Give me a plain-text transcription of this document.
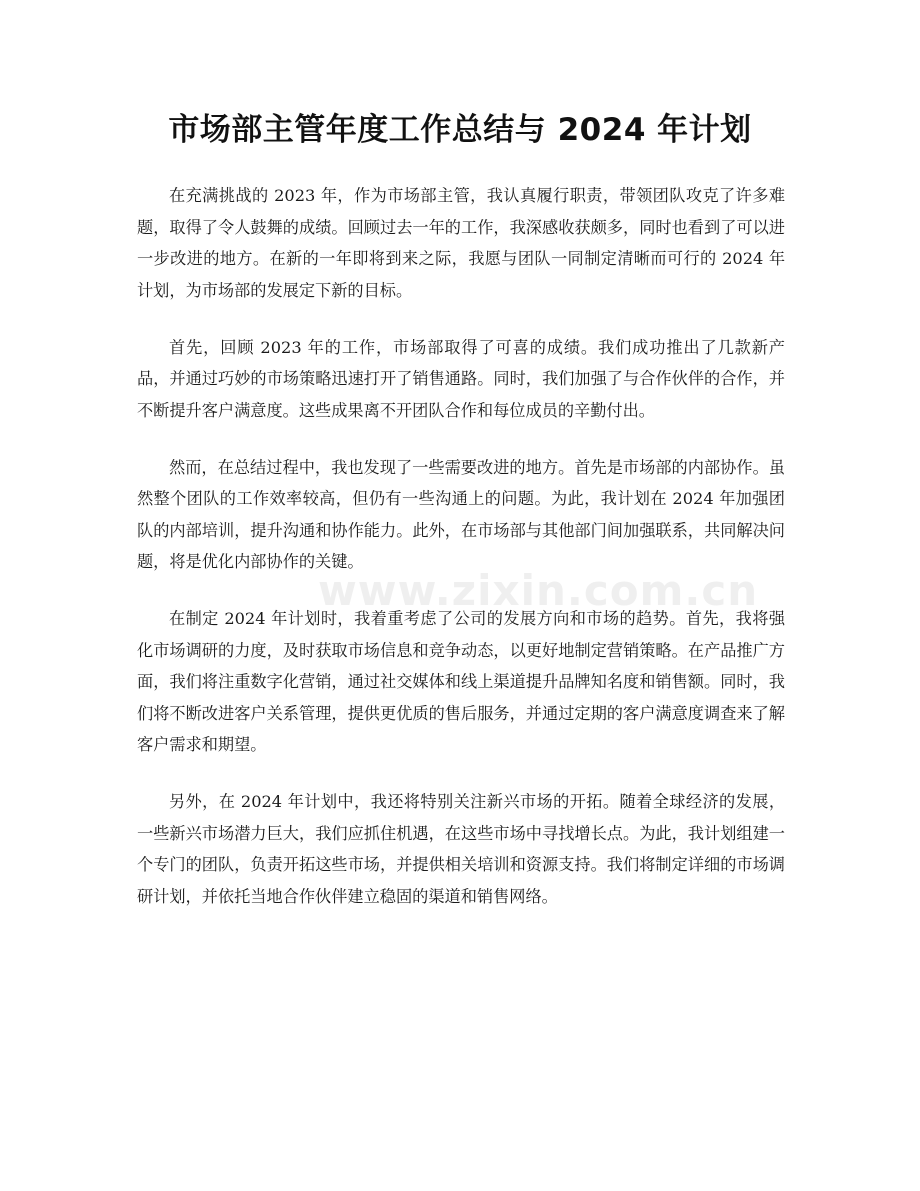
市场部主管年度工作总结与 2024 年计划

在充满挑战的 2023 年，作为市场部主管，我认真履行职责，带领团队攻克了许多难题，取得了令人鼓舞的成绩。回顾过去一年的工作，我深感收获颇多，同时也看到了可以进一步改进的地方。在新的一年即将到来之际，我愿与团队一同制定清晰而可行的 2024 年计划，为市场部的发展定下新的目标。

首先，回顾 2023 年的工作，市场部取得了可喜的成绩。我们成功推出了几款新产品，并通过巧妙的市场策略迅速打开了销售通路。同时，我们加强了与合作伙伴的合作，并不断提升客户满意度。这些成果离不开团队合作和每位成员的辛勤付出。

然而，在总结过程中，我也发现了一些需要改进的地方。首先是市场部的内部协作。虽然整个团队的工作效率较高，但仍有一些沟通上的问题。为此，我计划在 2024 年加强团队的内部培训，提升沟通和协作能力。此外，在市场部与其他部门间加强联系，共同解决问题，将是优化内部协作的关键。

在制定 2024 年计划时，我着重考虑了公司的发展方向和市场的趋势。首先，我将强化市场调研的力度，及时获取市场信息和竞争动态，以更好地制定营销策略。在产品推广方面，我们将注重数字化营销，通过社交媒体和线上渠道提升品牌知名度和销售额。同时，我们将不断改进客户关系管理，提供更优质的售后服务，并通过定期的客户满意度调查来了解客户需求和期望。

另外，在 2024 年计划中，我还将特别关注新兴市场的开拓。随着全球经济的发展，一些新兴市场潜力巨大，我们应抓住机遇，在这些市场中寻找增长点。为此，我计划组建一个专门的团队，负责开拓这些市场，并提供相关培训和资源支持。我们将制定详细的市场调研计划，并依托当地合作伙伴建立稳固的渠道和销售网络。

www.zixin.com.cn
